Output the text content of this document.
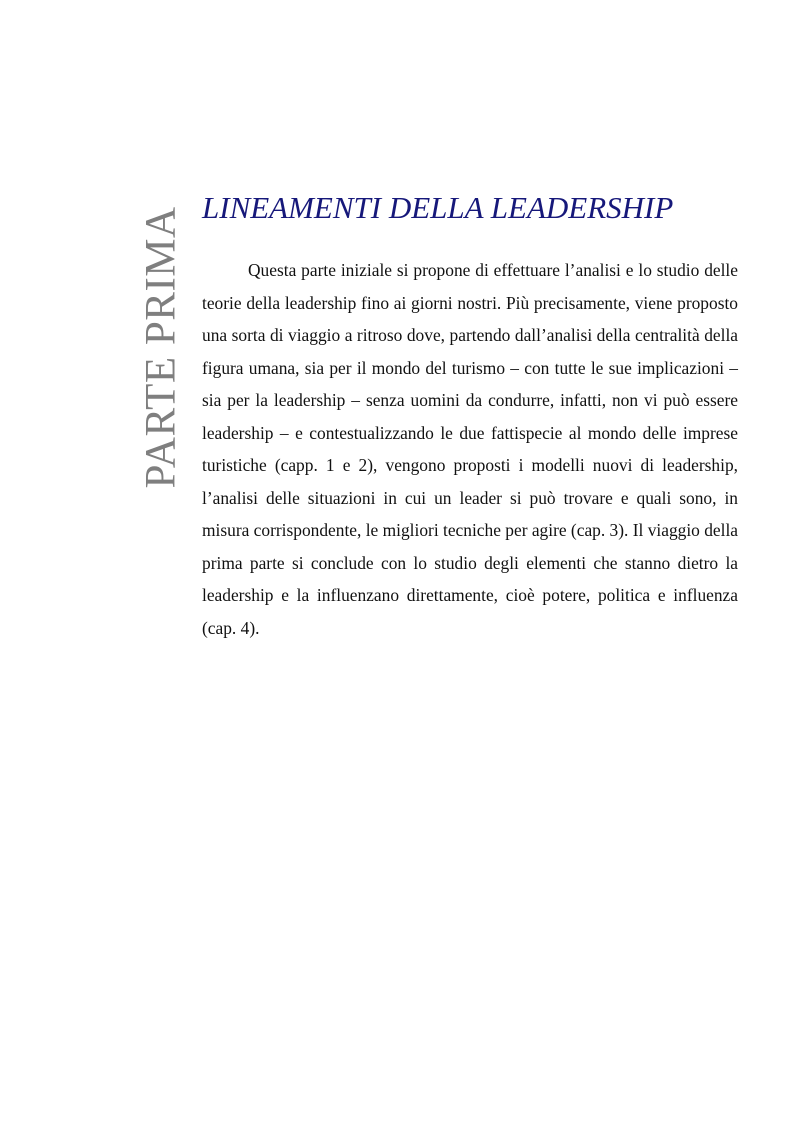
PARTE PRIMA LINEAMENTI DELLA LEADERSHIP

Questa parte iniziale si propone di effettuare l’analisi e lo studio delle teorie della leadership fino ai giorni nostri. Più precisamente, viene proposto una sorta di viaggio a ritroso dove, partendo dall’analisi della centralità della figura umana, sia per il mondo del turismo – con tutte le sue implicazioni – sia per la leadership – senza uomini da condurre, infatti, non vi può essere leadership – e contestualizzando le due fattispecie al mondo delle imprese turistiche (capp. 1 e 2), vengono proposti i modelli nuovi di leadership, l’analisi delle situazioni in cui un leader si può trovare e quali sono, in misura corrispondente, le migliori tecniche per agire (cap. 3). Il viaggio della prima parte si conclude con lo studio degli elementi che stanno dietro la leadership e la influenzano direttamente, cioè potere, politica e influenza (cap. 4).
